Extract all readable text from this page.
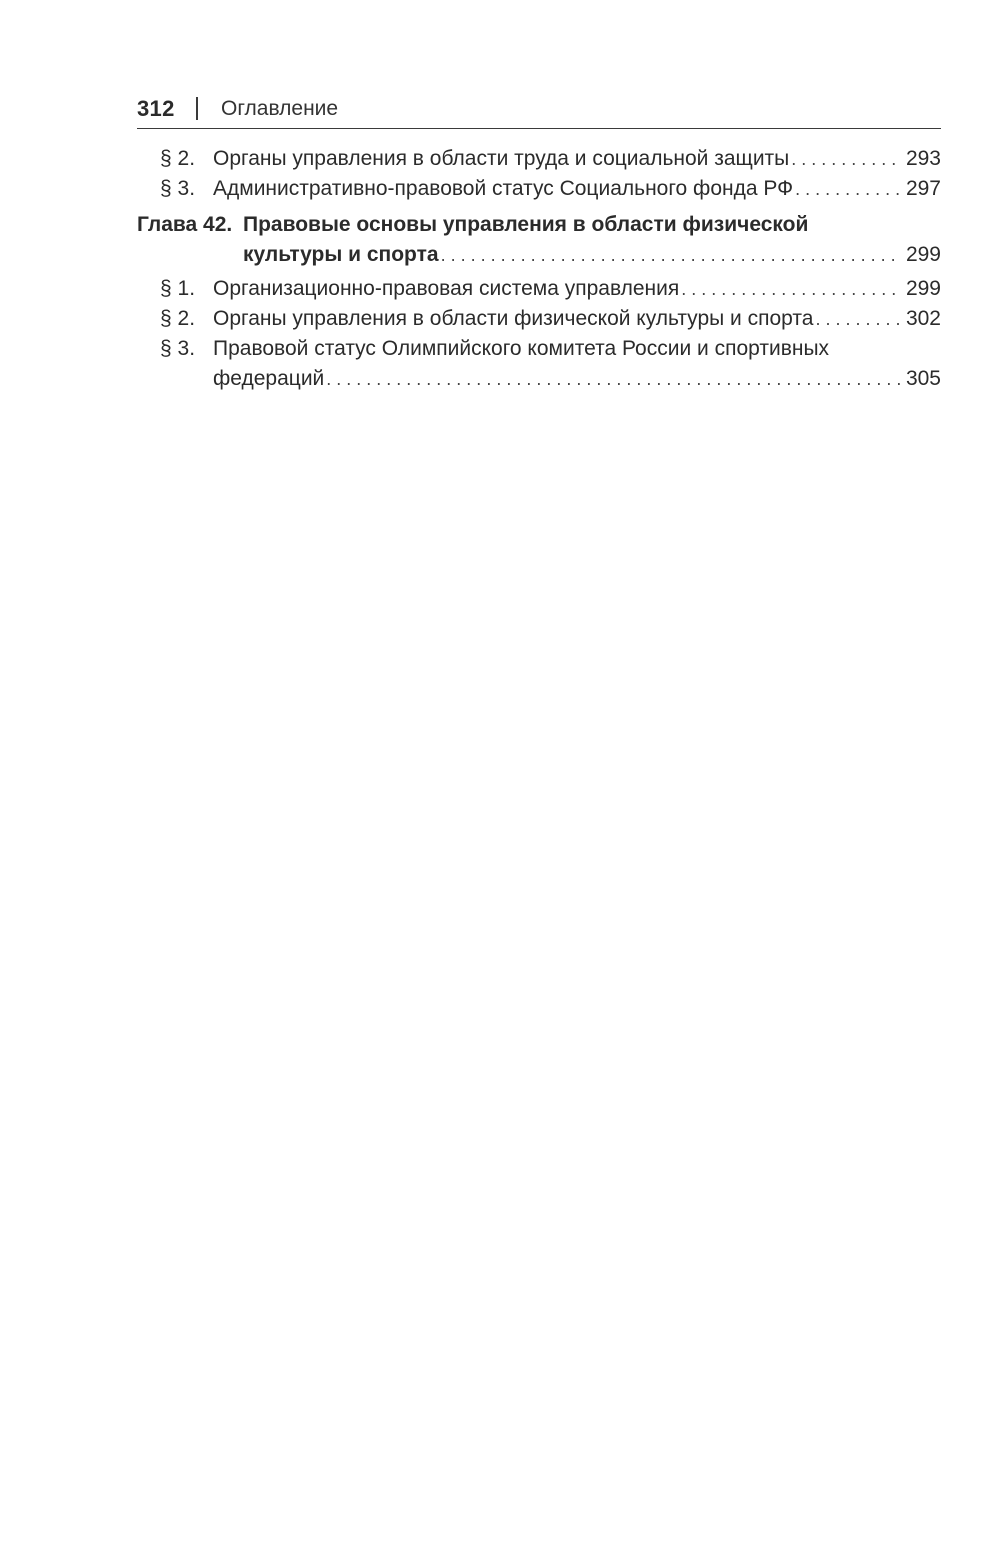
312 Оглавление
§ 2. Органы управления в области труда и социальной защиты . . .	293
§ 3. Административно-правовой статус Социального фонда РФ . . .	297
Глава 42. Правовые основы управления в области физической
культуры и спорта . . .	299
§ 1. Организационно-правовая система управления . . .	299
§ 2. Органы управления в области физической культуры и спорта . . .	302
§ 3. Правовой статус Олимпийского комитета России и спортивных
федераций . . .	305
